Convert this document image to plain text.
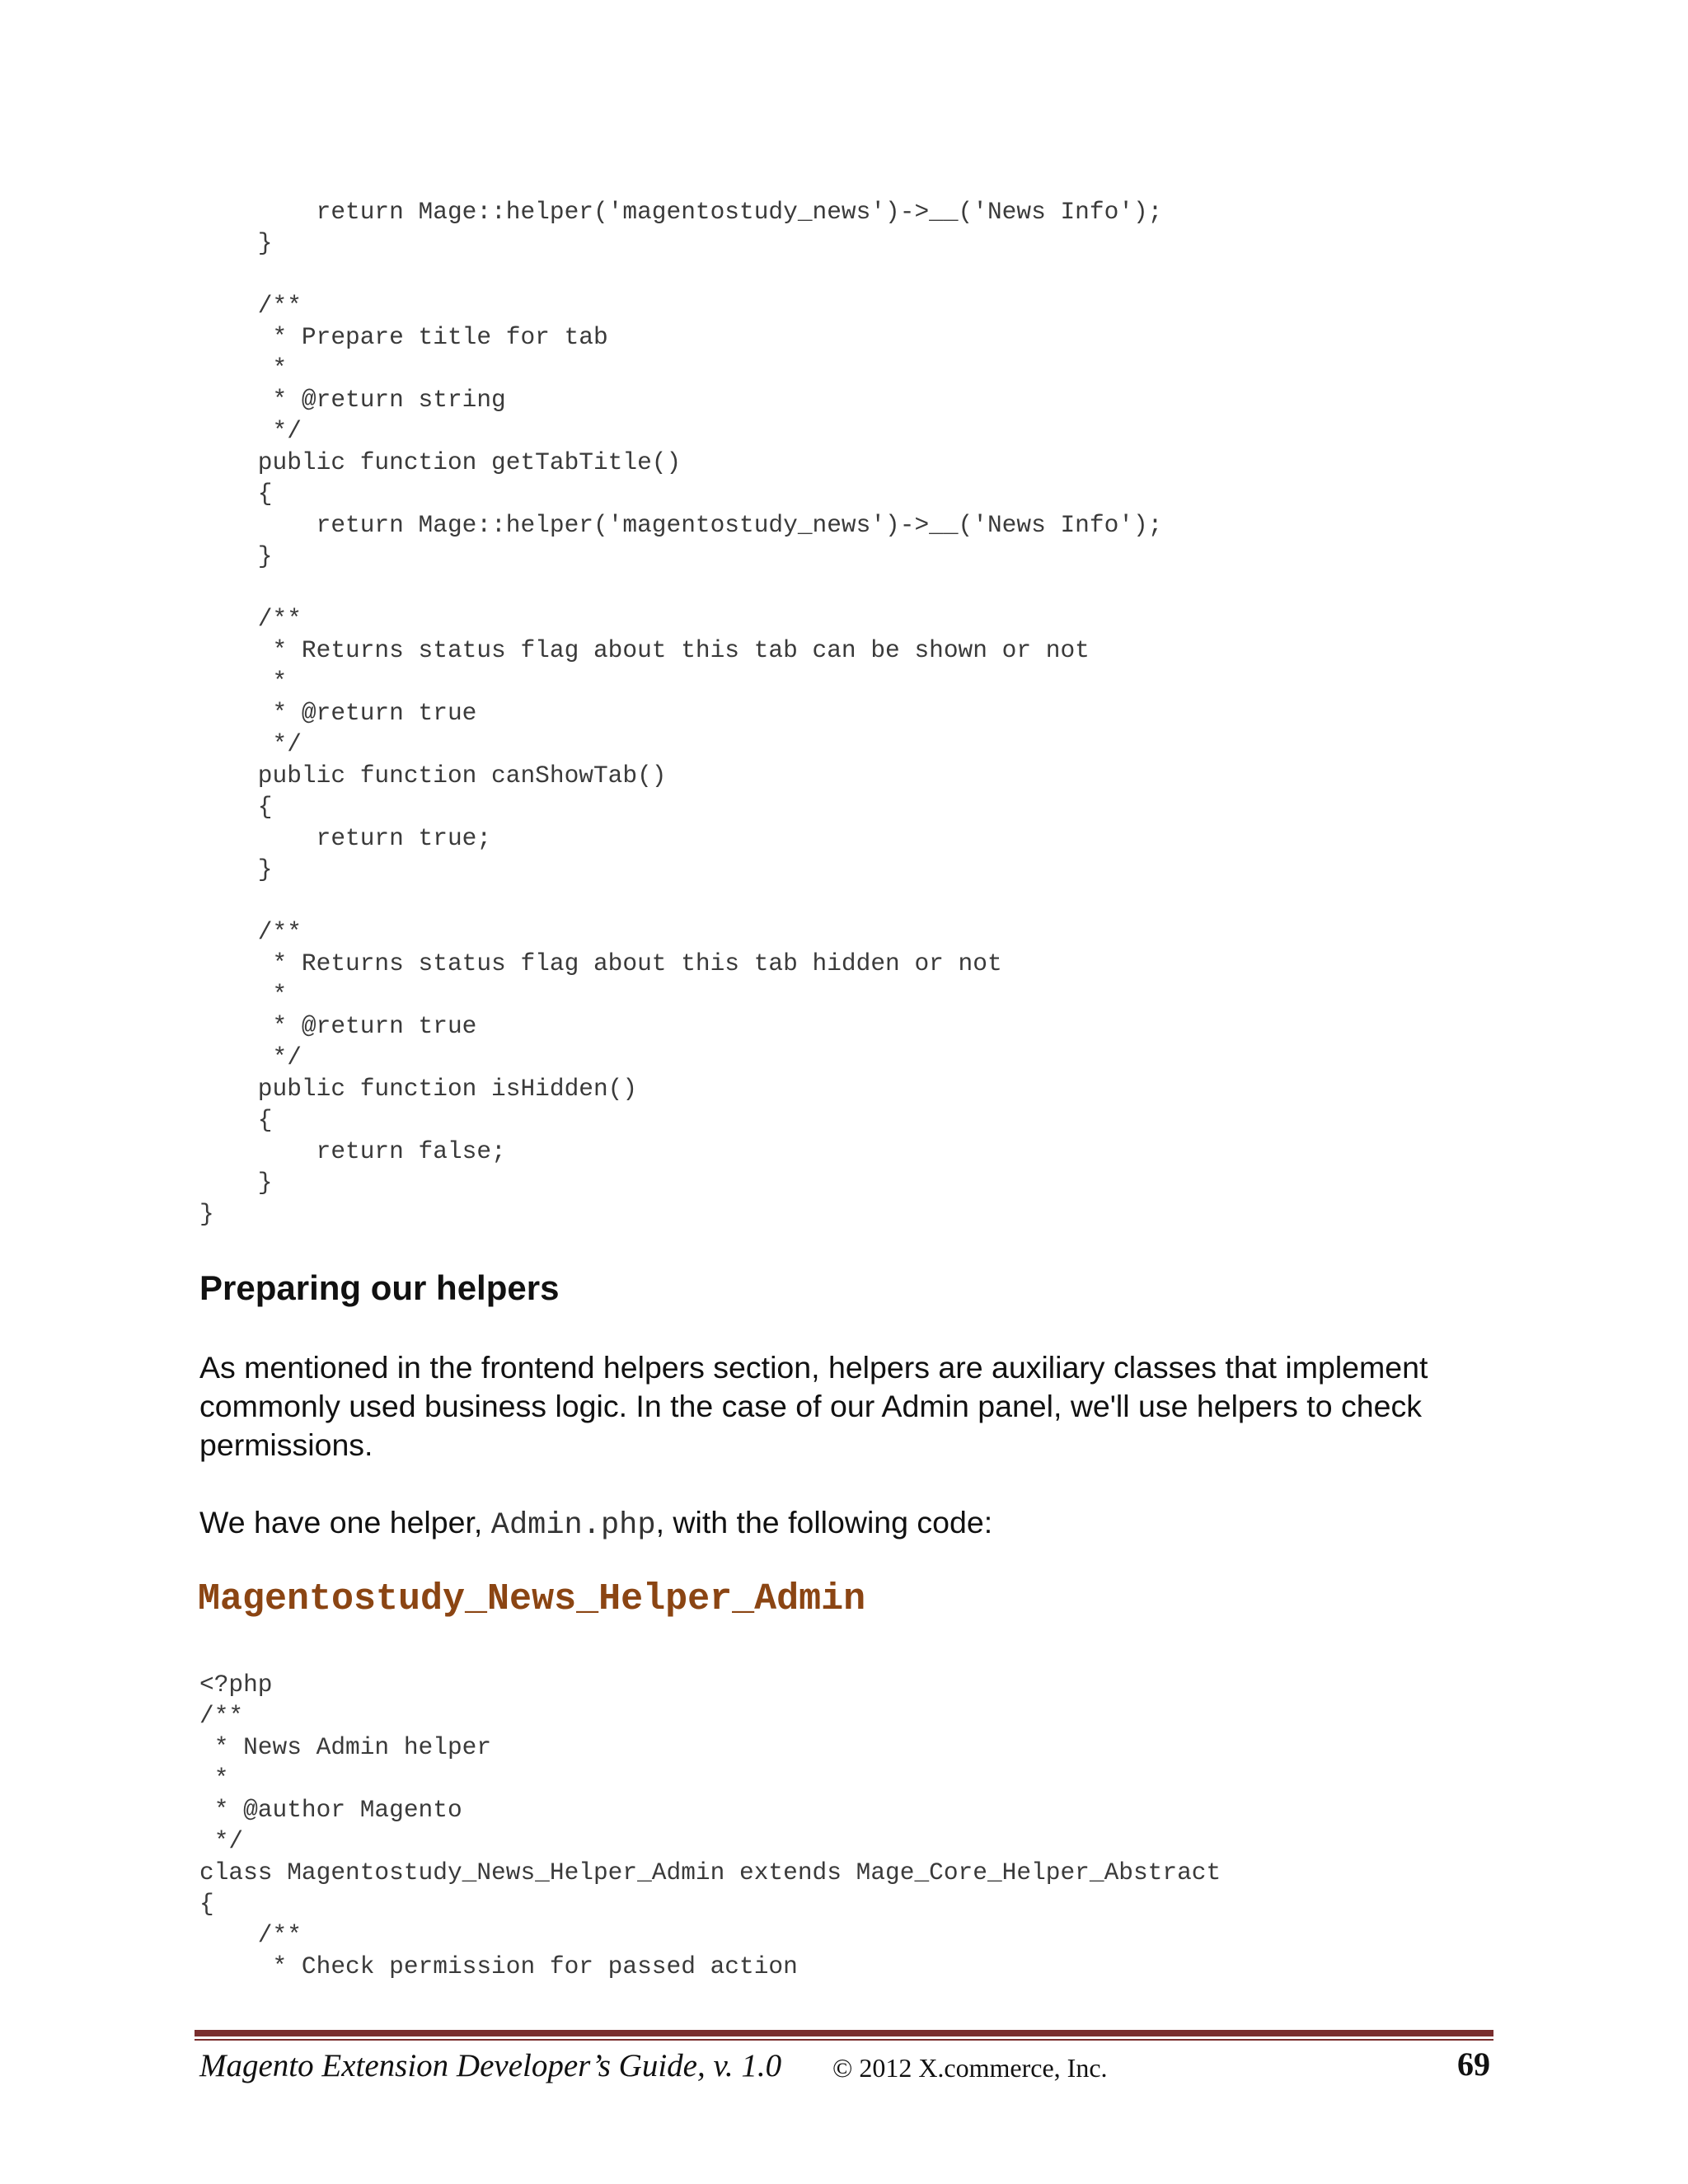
return Mage::helper('magentostudy_news')->__('News Info');
}

/**
* Prepare title for tab
*
* @return string
*/
public function getTabTitle()
{
return Mage::helper('magentostudy_news')->__('News Info');
}

/**
* Returns status flag about this tab can be shown or not
*
* @return true
*/
public function canShowTab()
{
return true;
}

/**
* Returns status flag about this tab hidden or not
*
* @return true
*/
public function isHidden()
{
return false;
}
}
Preparing our helpers

As mentioned in the frontend helpers section, helpers are auxiliary classes that implement commonly used business logic. In the case of our Admin panel, we'll use helpers to check permissions.

We have one helper, Admin.php, with the following code:

Magentostudy_News_Helper_Admin
<?php
/**
* News Admin helper
*
* @author Magento
*/
class Magentostudy_News_Helper_Admin extends Mage_Core_Helper_Abstract
{
/**
* Check permission for passed action
Magento Extension Developer’s Guide, v. 1.0 © 2012 X.commerce, Inc.	69
